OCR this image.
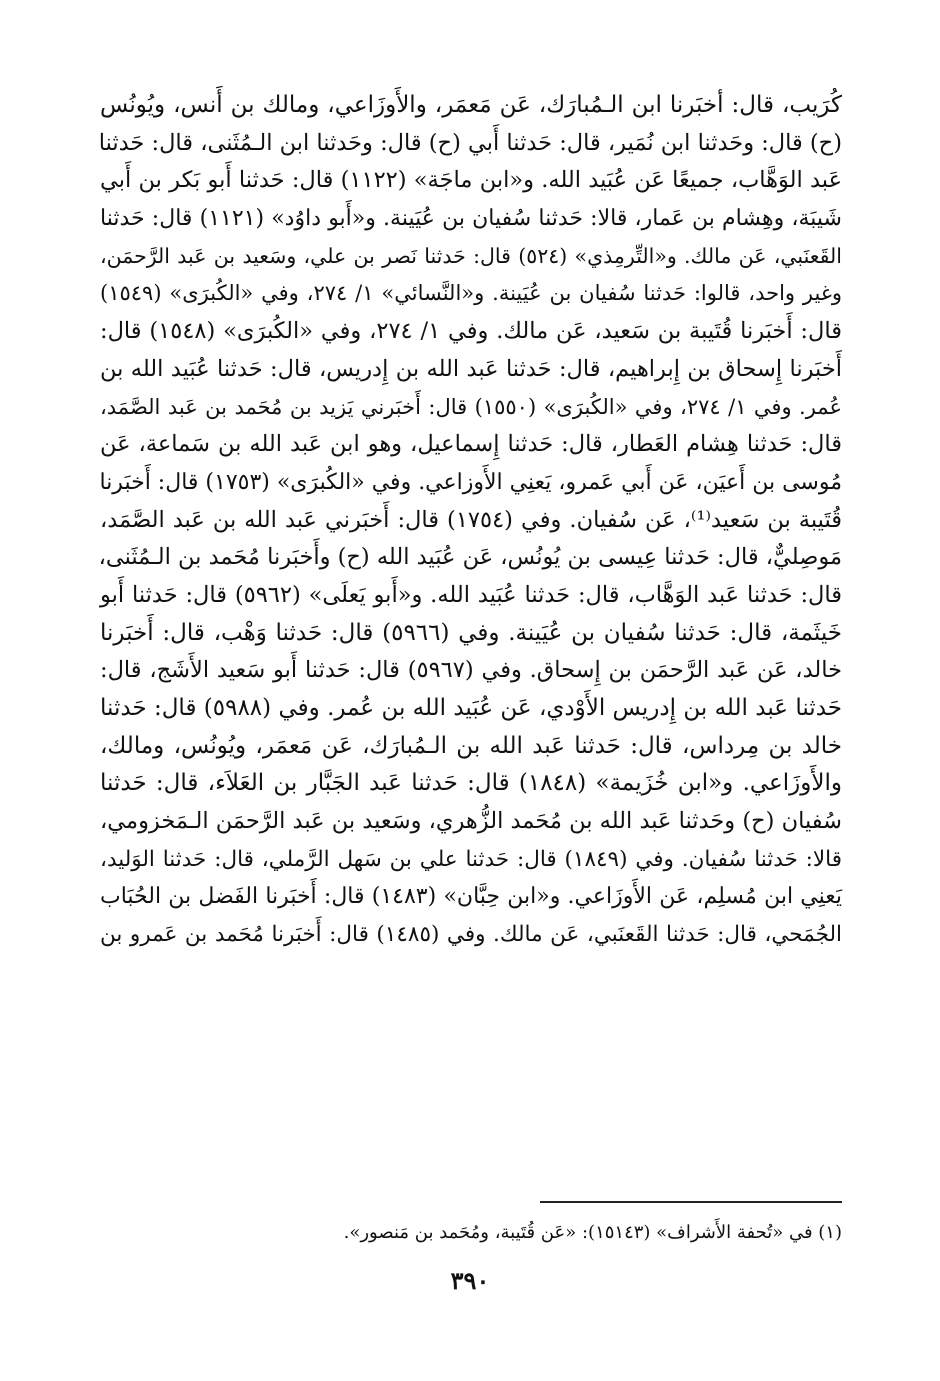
كُرَيب، قال: أخبَرنا ابن الـمُبارَك، عَن مَعمَر، والأَوزَاعي، ومالك بن أَنس، ويُونُس
(ح) قال: وحَدثنا ابن نُمَير، قال: حَدثنا أَبي (ح) قال: وحَدثنا ابن الـمُثَنى، قال: حَدثنا
عَبد الوَهَّاب، جميعًا عَن عُبَيد الله. و«ابن ماجَة» (١١٢٢) قال: حَدثنا أَبو بَكر بن أَبي
شَيبَة، وهِشام بن عَمار، قالا: حَدثنا سُفيان بن عُيَينة. و«أَبو داوُد» (١١٢١) قال: حَدثنا
القَعنَبي، عَن مالك. و«التِّرمِذي» (٥٢٤) قال: حَدثنا نَصر بن علي، وسَعيد بن عَبد الرَّحمَن،
وغير واحد، قالوا: حَدثنا سُفيان بن عُيَينة. و«النَّسائي» ١/ ٢٧٤، وفي «الكُبرَى» (١٥٤٩)
قال: أَخبَرنا قُتَيبة بن سَعيد، عَن مالك. وفي ١/ ٢٧٤، وفي «الكُبرَى» (١٥٤٨) قال:
أَخبَرنا إِسحاق بن إِبراهيم، قال: حَدثنا عَبد الله بن إِدريس، قال: حَدثنا عُبَيد الله بن
عُمر. وفي ١/ ٢٧٤، وفي «الكُبرَى» (١٥٥٠) قال: أَخبَرني يَزيد بن مُحَمد بن عَبد الصَّمَد،
قال: حَدثنا هِشام العَطار، قال: حَدثنا إِسماعيل، وهو ابن عَبد الله بن سَماعة، عَن
مُوسى بن أَعيَن، عَن أَبي عَمرو، يَعنِي الأَوزاعي. وفي «الكُبرَى» (١٧٥٣) قال: أَخبَرنا
قُتَيبة بن سَعيد⁽¹⁾، عَن سُفيان. وفي (١٧٥٤) قال: أَخبَرني عَبد الله بن عَبد الصَّمَد،
مَوصِليٌّ، قال: حَدثنا عِيسى بن يُونُس، عَن عُبَيد الله (ح) وأَخبَرنا مُحَمد بن الـمُثَنى،
قال: حَدثنا عَبد الوَهَّاب، قال: حَدثنا عُبَيد الله. و«أَبو يَعلَى» (٥٩٦٢) قال: حَدثنا أَبو
خَيثَمة، قال: حَدثنا سُفيان بن عُيَينة. وفي (٥٩٦٦) قال: حَدثنا وَهْب، قال: أَخبَرنا
خالد، عَن عَبد الرَّحمَن بن إِسحاق. وفي (٥٩٦٧) قال: حَدثنا أَبو سَعيد الأَشَج، قال:
حَدثنا عَبد الله بن إِدريس الأَوْدي، عَن عُبَيد الله بن عُمر. وفي (٥٩٨٨) قال: حَدثنا
خالد بن مِرداس، قال: حَدثنا عَبد الله بن الـمُبارَك، عَن مَعمَر، ويُونُس، ومالك،
والأَوزَاعي. و«ابن خُزَيمة» (١٨٤٨) قال: حَدثنا عَبد الجَبَّار بن العَلاَء، قال: حَدثنا
سُفيان (ح) وحَدثنا عَبد الله بن مُحَمد الزُّهري، وسَعيد بن عَبد الرَّحمَن الـمَخزومي،
قالا: حَدثنا سُفيان. وفي (١٨٤٩) قال: حَدثنا علي بن سَهل الرَّملي، قال: حَدثنا الوَليد،
يَعنِي ابن مُسلِم، عَن الأَوزَاعي. و«ابن حِبَّان» (١٤٨٣) قال: أَخبَرنا الفَضل بن الحُبَاب
الجُمَحي، قال: حَدثنا القَعنَبي، عَن مالك. وفي (١٤٨٥) قال: أَخبَرنا مُحَمد بن عَمرو بن
(١) في «تُحفة الأَشراف» (١٥١٤٣): «عَن قُتَيبة، ومُحَمد بن مَنصور».
٣٩٠
